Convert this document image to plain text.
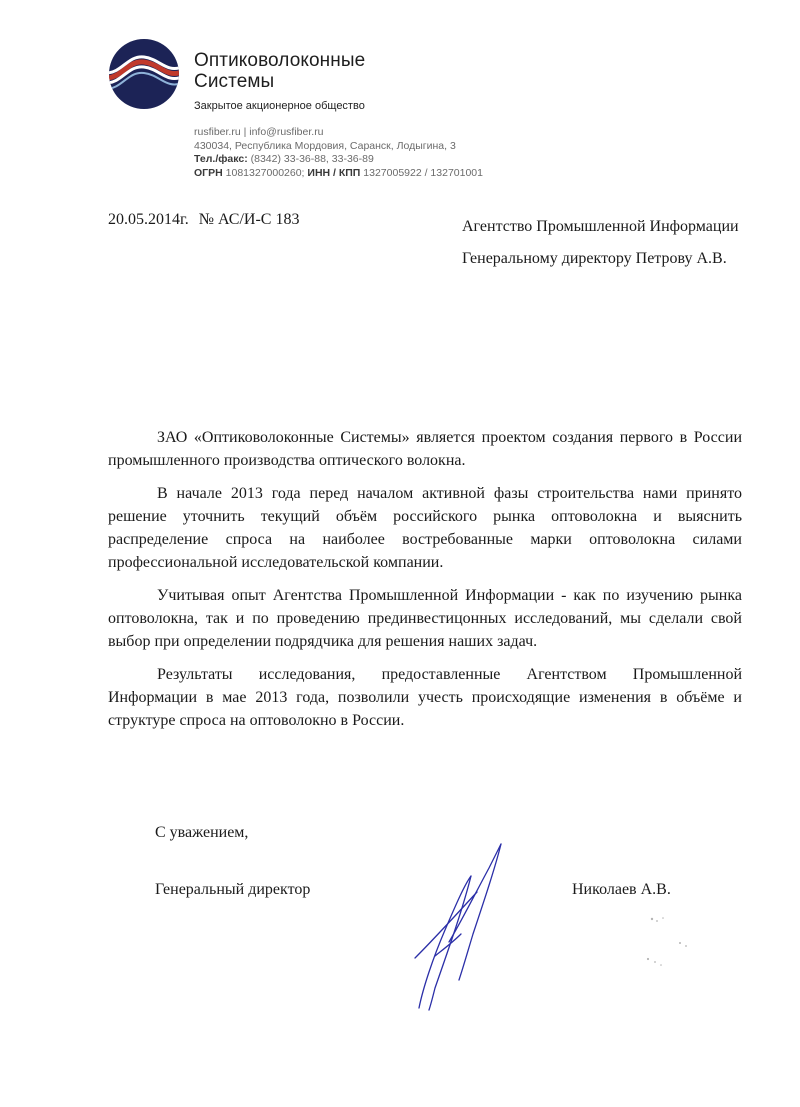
Оптиковолоконные
Системы
Закрытое акционерное общество
rusfiber.ru | info@rusfiber.ru
430034, Республика Мордовия, Саранск, Лодыгина, 3
Тел./факс: (8342) 33-36-88, 33-36-89
ОГРН 1081327000260; ИНН / КПП 1327005922 / 132701001
20.05.2014г. № АС/И-С 183	Агентство Промышленной Информации
Генеральному директору Петрову А.В.

ЗАО «Оптиковолоконные Системы» является проектом создания первого в России промышленного производства оптического волокна.

В начале 2013 года перед началом активной фазы строительства нами принято решение уточнить текущий объём российского рынка оптоволокна и выяснить распределение спроса на наиболее востребованные марки оптоволокна силами профессиональной исследовательской компании.

Учитывая опыт Агентства Промышленной Информации - как по изучению рынка оптоволокна, так и по проведению прединвестицонных исследований, мы сделали свой выбор при определении подрядчика для решения наших задач.

Результаты исследования, предоставленные Агентством Промышленной Информации в мае 2013 года, позволили учесть происходящие изменения в объёме и структуре спроса на оптоволокно в России.

С уважением,
Генеральный директор	Николаев А.В.
